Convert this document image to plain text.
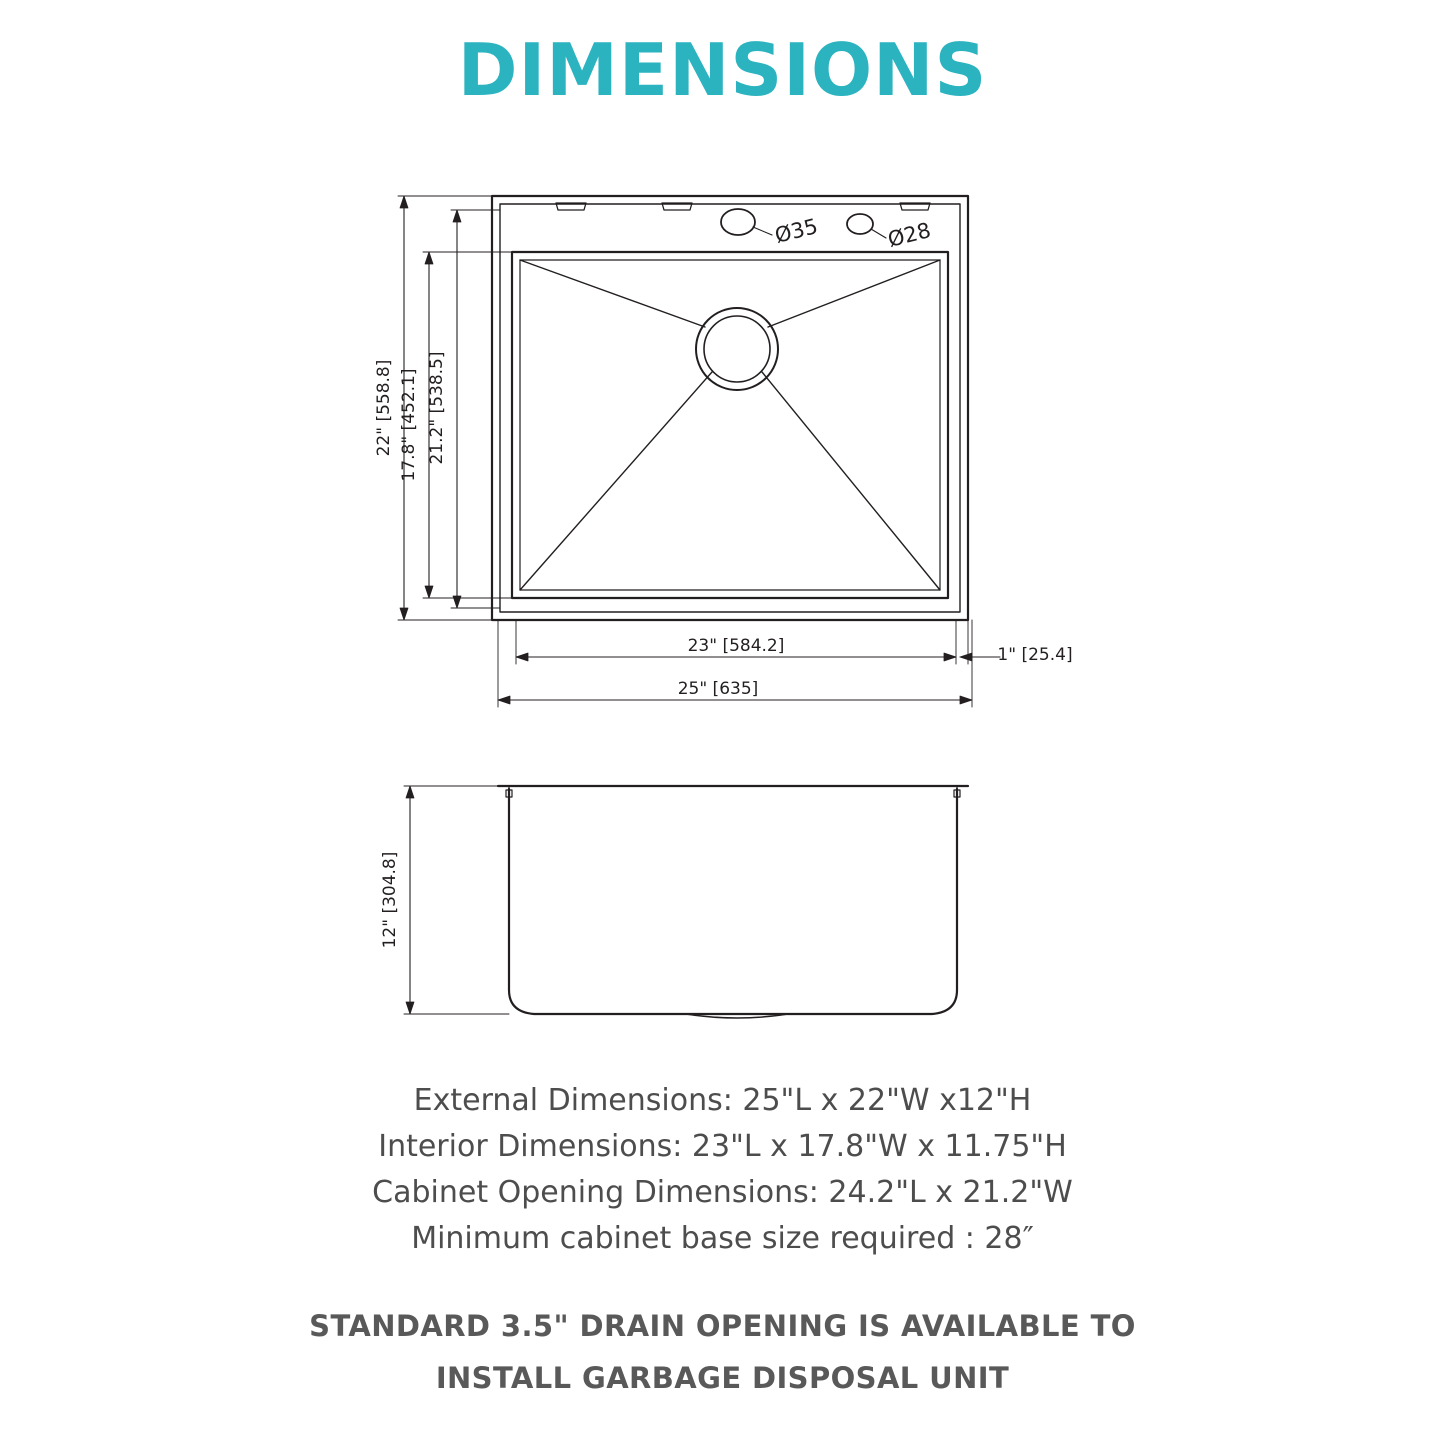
DIMENSIONS
22" [558.8] 17.8" [452.1] 21.2" [538.5]
23" [584.2]	1" [25.4]
25" [635]
Ø35	Ø28
12" [304.8]
External Dimensions: 25"L x 22"W x12"H
Interior Dimensions: 23"L x 17.8"W x 11.75"H
Cabinet Opening Dimensions: 24.2"L x 21.2"W
Minimum cabinet base size required : 28″
STANDARD 3.5" DRAIN OPENING IS AVAILABLE TO
INSTALL GARBAGE DISPOSAL UNIT
